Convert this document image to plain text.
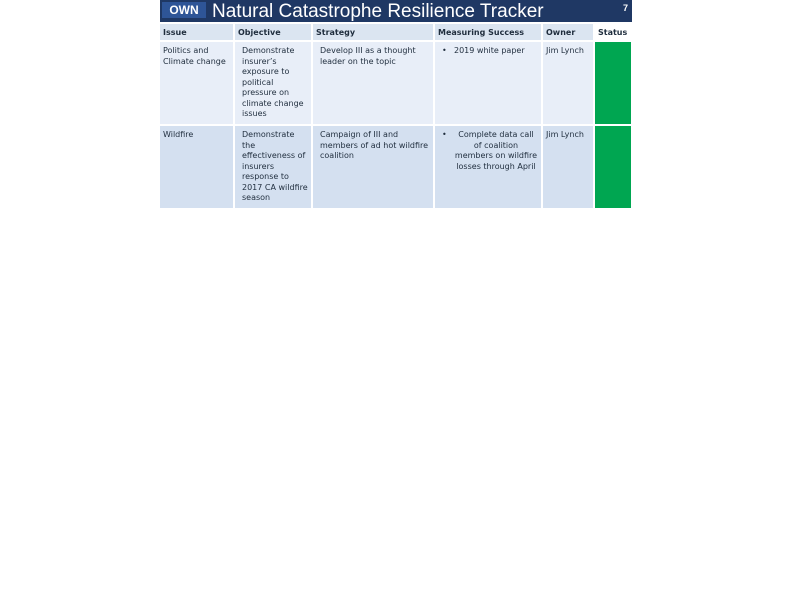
OWN Natural Catastrophe Resilience Tracker	7
Issue	Objective	Strategy	Measuring Success	Owner	Status
Politics and Climate change	Demonstrate insurer’s exposure to political pressure on climate change issues	Develop III as a thought leader on the topic	• 2019 white paper	Jim Lynch	
Wildfire	Demonstrate the effectiveness of insurers response to 2017 CA wildfire season	Campaign of III and members of ad hot wildfire coalition	• Complete data call of coalition members on wildfire losses through April	Jim Lynch	
